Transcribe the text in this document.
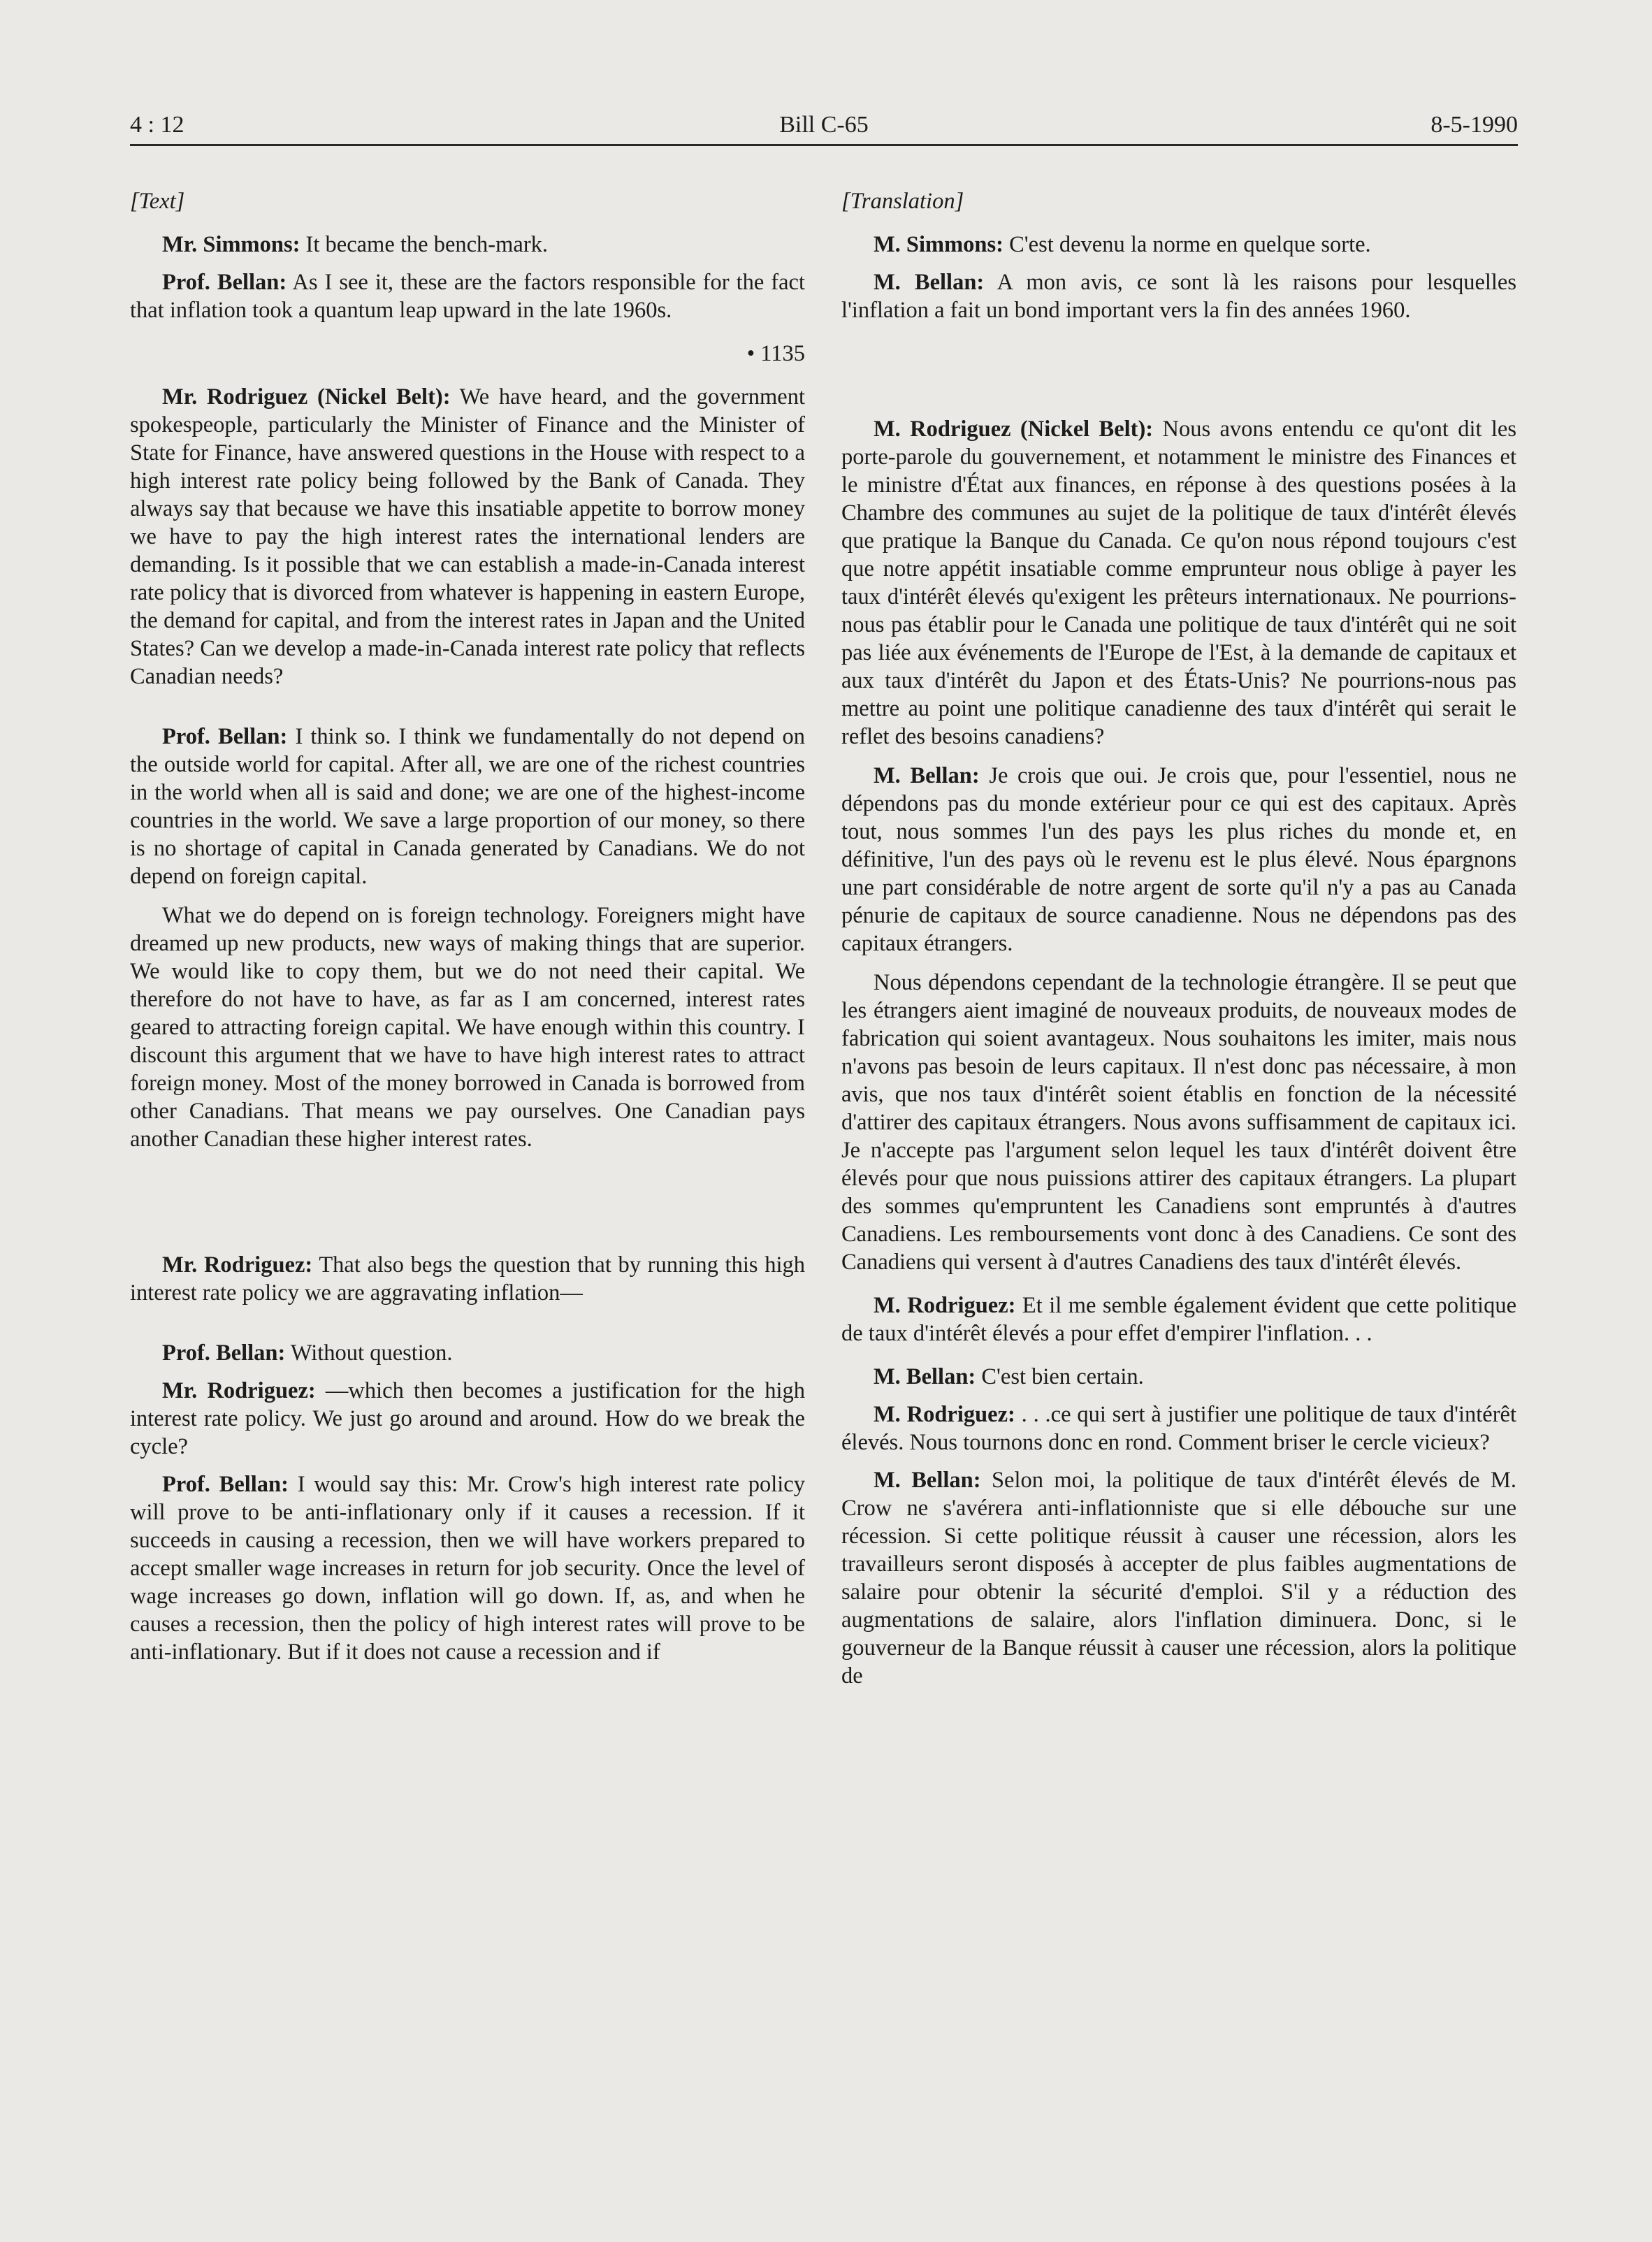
4 : 12	Bill C-65	8-5-1990

[Text]

Mr. Simmons: It became the bench-mark.

Prof. Bellan: As I see it, these are the factors responsible for the fact that inflation took a quantum leap upward in the late 1960s.

• 1135

Mr. Rodriguez (Nickel Belt): We have heard, and the government spokespeople, particularly the Minister of Finance and the Minister of State for Finance, have answered questions in the House with respect to a high interest rate policy being followed by the Bank of Canada. They always say that because we have this insatiable appetite to borrow money we have to pay the high interest rates the international lenders are demanding. Is it possible that we can establish a made-in-Canada interest rate policy that is divorced from whatever is happening in eastern Europe, the demand for capital, and from the interest rates in Japan and the United States? Can we develop a made-in-Canada interest rate policy that reflects Canadian needs?

Prof. Bellan: I think so. I think we fundamentally do not depend on the outside world for capital. After all, we are one of the richest countries in the world when all is said and done; we are one of the highest-income countries in the world. We save a large proportion of our money, so there is no shortage of capital in Canada generated by Canadians. We do not depend on foreign capital.

What we do depend on is foreign technology. Foreigners might have dreamed up new products, new ways of making things that are superior. We would like to copy them, but we do not need their capital. We therefore do not have to have, as far as I am concerned, interest rates geared to attracting foreign capital. We have enough within this country. I discount this argument that we have to have high interest rates to attract foreign money. Most of the money borrowed in Canada is borrowed from other Canadians. That means we pay ourselves. One Canadian pays another Canadian these higher interest rates.

Mr. Rodriguez: That also begs the question that by running this high interest rate policy we are aggravating inflation—

Prof. Bellan: Without question.

Mr. Rodriguez: —which then becomes a justification for the high interest rate policy. We just go around and around. How do we break the cycle?

Prof. Bellan: I would say this: Mr. Crow's high interest rate policy will prove to be anti-inflationary only if it causes a recession. If it succeeds in causing a recession, then we will have workers prepared to accept smaller wage increases in return for job security. Once the level of wage increases go down, inflation will go down. If, as, and when he causes a recession, then the policy of high interest rates will prove to be anti-inflationary. But if it does not cause a recession and if

[Translation]

M. Simmons: C'est devenu la norme en quelque sorte.

M. Bellan: A mon avis, ce sont là les raisons pour lesquelles l'inflation a fait un bond important vers la fin des années 1960.

M. Rodriguez (Nickel Belt): Nous avons entendu ce qu'ont dit les porte-parole du gouvernement, et notamment le ministre des Finances et le ministre d'État aux finances, en réponse à des questions posées à la Chambre des communes au sujet de la politique de taux d'intérêt élevés que pratique la Banque du Canada. Ce qu'on nous répond toujours c'est que notre appétit insatiable comme emprunteur nous oblige à payer les taux d'intérêt élevés qu'exigent les prêteurs internationaux. Ne pourrions-nous pas établir pour le Canada une politique de taux d'intérêt qui ne soit pas liée aux événements de l'Europe de l'Est, à la demande de capitaux et aux taux d'intérêt du Japon et des États-Unis? Ne pourrions-nous pas mettre au point une politique canadienne des taux d'intérêt qui serait le reflet des besoins canadiens?

M. Bellan: Je crois que oui. Je crois que, pour l'essentiel, nous ne dépendons pas du monde extérieur pour ce qui est des capitaux. Après tout, nous sommes l'un des pays les plus riches du monde et, en définitive, l'un des pays où le revenu est le plus élevé. Nous épargnons une part considérable de notre argent de sorte qu'il n'y a pas au Canada pénurie de capitaux de source canadienne. Nous ne dépendons pas des capitaux étrangers.

Nous dépendons cependant de la technologie étrangère. Il se peut que les étrangers aient imaginé de nouveaux produits, de nouveaux modes de fabrication qui soient avantageux. Nous souhaitons les imiter, mais nous n'avons pas besoin de leurs capitaux. Il n'est donc pas nécessaire, à mon avis, que nos taux d'intérêt soient établis en fonction de la nécessité d'attirer des capitaux étrangers. Nous avons suffisamment de capitaux ici. Je n'accepte pas l'argument selon lequel les taux d'intérêt doivent être élevés pour que nous puissions attirer des capitaux étrangers. La plupart des sommes qu'empruntent les Canadiens sont empruntés à d'autres Canadiens. Les remboursements vont donc à des Canadiens. Ce sont des Canadiens qui versent à d'autres Canadiens des taux d'intérêt élevés.

M. Rodriguez: Et il me semble également évident que cette politique de taux d'intérêt élevés a pour effet d'empirer l'inflation. . .

M. Bellan: C'est bien certain.

M. Rodriguez: . . .ce qui sert à justifier une politique de taux d'intérêt élevés. Nous tournons donc en rond. Comment briser le cercle vicieux?

M. Bellan: Selon moi, la politique de taux d'intérêt élevés de M. Crow ne s'avérera anti-inflationniste que si elle débouche sur une récession. Si cette politique réussit à causer une récession, alors les travailleurs seront disposés à accepter de plus faibles augmentations de salaire pour obtenir la sécurité d'emploi. S'il y a réduction des augmentations de salaire, alors l'inflation diminuera. Donc, si le gouverneur de la Banque réussit à causer une récession, alors la politique de
